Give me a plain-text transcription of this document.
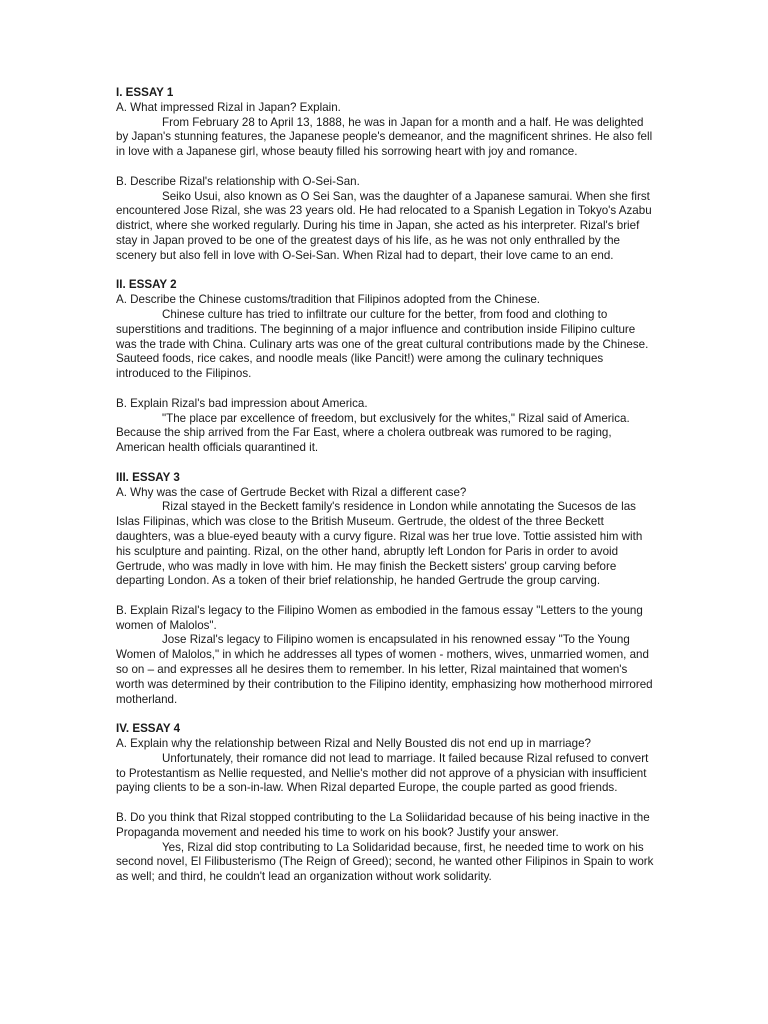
I. ESSAY 1

A. What impressed Rizal in Japan? Explain.

From February 28 to April 13, 1888, he was in Japan for a month and a half. He was delighted by Japan's stunning features, the Japanese people's demeanor, and the magnificent shrines. He also fell in love with a Japanese girl, whose beauty filled his sorrowing heart with joy and romance.

B. Describe Rizal's relationship with O-Sei-San.

Seiko Usui, also known as O Sei San, was the daughter of a Japanese samurai. When she first encountered Jose Rizal, she was 23 years old. He had relocated to a Spanish Legation in Tokyo's Azabu district, where she worked regularly. During his time in Japan, she acted as his interpreter. Rizal's brief stay in Japan proved to be one of the greatest days of his life, as he was not only enthralled by the scenery but also fell in love with O-Sei-San. When Rizal had to depart, their love came to an end.

II. ESSAY 2

A. Describe the Chinese customs/tradition that Filipinos adopted from the Chinese.

Chinese culture has tried to infiltrate our culture for the better, from food and clothing to superstitions and traditions. The beginning of a major influence and contribution inside Filipino culture was the trade with China. Culinary arts was one of the great cultural contributions made by the Chinese. Sauteed foods, rice cakes, and noodle meals (like Pancit!) were among the culinary techniques introduced to the Filipinos.

B. Explain Rizal's bad impression about America.

"The place par excellence of freedom, but exclusively for the whites," Rizal said of America. Because the ship arrived from the Far East, where a cholera outbreak was rumored to be raging, American health officials quarantined it.

III. ESSAY 3

A. Why was the case of Gertrude Becket with Rizal a different case?

Rizal stayed in the Beckett family's residence in London while annotating the Sucesos de las Islas Filipinas, which was close to the British Museum. Gertrude, the oldest of the three Beckett daughters, was a blue-eyed beauty with a curvy figure. Rizal was her true love. Tottie assisted him with his sculpture and painting. Rizal, on the other hand, abruptly left London for Paris in order to avoid Gertrude, who was madly in love with him. He may finish the Beckett sisters' group carving before departing London. As a token of their brief relationship, he handed Gertrude the group carving.

B. Explain Rizal's legacy to the Filipino Women as embodied in the famous essay "Letters to the young women of Malolos".

Jose Rizal's legacy to Filipino women is encapsulated in his renowned essay "To the Young Women of Malolos," in which he addresses all types of women - mothers, wives, unmarried women, and so on – and expresses all he desires them to remember. In his letter, Rizal maintained that women's worth was determined by their contribution to the Filipino identity, emphasizing how motherhood mirrored motherland.

IV. ESSAY 4

A. Explain why the relationship between Rizal and Nelly Bousted dis not end up in marriage?

Unfortunately, their romance did not lead to marriage. It failed because Rizal refused to convert to Protestantism as Nellie requested, and Nellie's mother did not approve of a physician with insufficient paying clients to be a son-in-law. When Rizal departed Europe, the couple parted as good friends.

B. Do you think that Rizal stopped contributing to the La Soliidaridad because of his being inactive in the Propaganda movement and needed his time to work on his book? Justify your answer.

Yes, Rizal did stop contributing to La Solidaridad because, first, he needed time to work on his second novel, El Filibusterismo (The Reign of Greed); second, he wanted other Filipinos in Spain to work as well; and third, he couldn't lead an organization without work solidarity.
